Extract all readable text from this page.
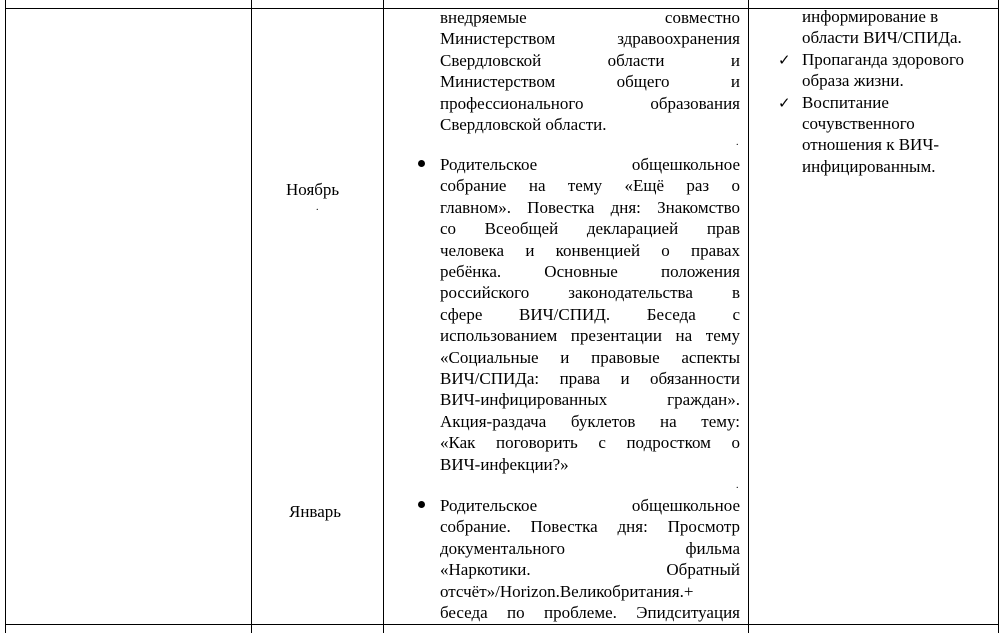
Ноябрь
.
Январь
внедряемые совместно
Министерством здравоохранения
Свердловской области и
Министерством общего и
профессионального образования
Свердловской области.
.
Родительское общешкольное
собрание на тему «Ещё раз о
главном». Повестка дня: Знакомство
со Всеобщей декларацией прав
человека и конвенцией о правах
ребёнка. Основные положения
российского законодательства в
сфере ВИЧ/СПИД. Беседа с
использованием презентации на тему
«Социальные и правовые аспекты
ВИЧ/СПИДа: права и обязанности
ВИЧ-инфицированных граждан».
Акция-раздача буклетов на тему:
«Как поговорить с подростком о
ВИЧ-инфекции?»
.
Родительское общешкольное
собрание. Повестка дня: Просмотр
документального фильма
«Наркотики. Обратный
отсчёт»/Horizon.Великобритания.+
беседа по проблеме. Эпидситуация
информирование в
области ВИЧ/СПИДа.
✓ Пропаганда здорового
образа жизни.
✓ Воспитание
сочувственного
отношения к ВИЧ-
инфицированным.
